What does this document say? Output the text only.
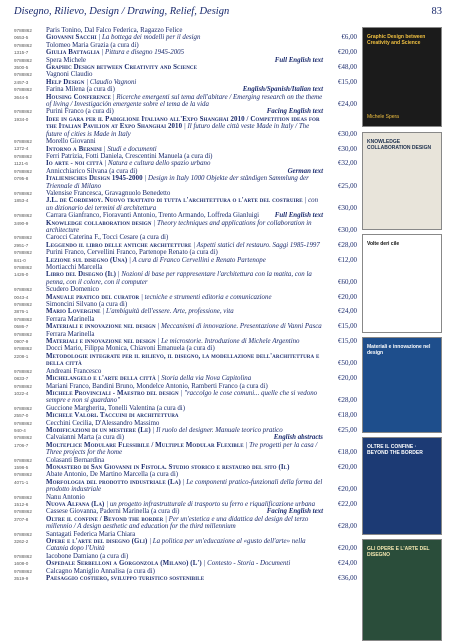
Disegno, Rilievo, Design / Drawing, Relief, Design	83
9788862
0653-5
Paris Tonino, Dal Falco Federica, Ragazzo Felice
Giovanni Sacchi | La bottega dei modelli per il design	€6,00
9788862
1315-7
Tolomeo Maria Grazia (a cura di)
Giulia Battaglia | Pittura e disegno 1945-2005	€20,00
9788862
3500-5
Spera Michele	Full English text
Graphic Design between Creativity and Science	€48,00
9788862
2457-3
Vagnoni Claudio
Help Design | Claudio Vagnoni	€15,00
9788862
3644-5
Farina Milena (a cura di)	English/Spanish/Italian text
Housing Conference | Ricerche emergenti sul tema dell'abitare / Emerging research on the theme of living / Investigación emergente sobre el tema de la vida	€24,00
9788862
1934-0
Purini Franco (a cura di)	Facing English text
Idee in gara per il Padiglione Italiano all'Expo Shanghai 2010 / Competition ideas for the Italian Pavilion at Expo Shanghai 2010 | Il futuro delle città veste Made in Italy / The future of cities is Made in Italy	€30,00
9788862
1372-4
Morello Giovanni
Intorno a Bernini | Studi e documenti	€30,00
9788862
1121-6
Ferri Patrizia, Fotti Daniela, Crescentini Manuela (a cura di)
Io arte - noi città | Natura e cultura dello spazio urbano	€32,00
9788862
0795-8
Annicchiarico Silvana (a cura di)	German text
Italienisches Design 1945-2000 | Design in Italy 1000 Objekte der ständigen Sammlung der Triennale di Milano	€25,00
9788862
1853-4
Valensise Francesca, Gravagnuolo Benedetto
J.L. de Cordemoy. Nuovo trattato di tutta l'architettura o l'arte del costruire | con un dizionario dei termini di architettura	€30,00
9788862
3490-9
Carrara Gianfranco, Fioravanti Antonio, Trento Armando, Loffreda Gianluigi Full English text
Knowledge collaboration design | Theory techniques and applications for collaboration in architecture	€30,00
9788862
2951-7
Carocci Caterina F., Tocci Cesare (a cura di)
Leggendo il libro delle antiche architetture | Aspetti statici del restauro. Saggi 1985-1997	€28,00
9788862
841-0
Purini Franco, Cervellini Franco, Partenope Renato (a cura di)
Lezione sul disegno (Una) | A cura di Franco Cervellini e Renato Partenope	€12,00
9788862
1426-0
Mortiacchi Marcella
Libro del Disegno (Il) | Nozioni di base per rappresentare l'architettura con la matita, con la penna, con il colore, con il computer	€60,00
9788862
0043-4
Scudero Domenico
Manuale pratico del curator | tecniche e strumenti editoria e comunicazione	€20,00
9788862
3876-1
Simoncini Silvano (a cura di)
Mario Lovergine | L'ambiguità dell'essere. Arte, professione, vita	€24,00
9788862
0586-7
Ferrara Marinella
Materiali e innovazione nel design | Meccanismi di innovazione. Presentazione di Vanni Pasca €15,00
9788862
0907-9
Ferrara Marinella
Materiali e innovazione nel design | Le microstorie. Introduzione di Michele Argentino	€15,00
9788862
2208-1
Docci Mario, Filippa Monica, Chiavoni Emanuela (a cura di)
Metodologie integrate per il rilievo, il disegno, la modellazione dell'architettura e della città	€50,00
9788862
0833-7
Andreani Francesco
Michelangelo e l'arte della città | Storia della via Nova Capitolina	€20,00
9788862
1022-4
Mariani Franco, Bandini Bruno, Mondelce Antonio, Ramberti Franco (a cura di)
Michele Provinciali - Maestro del design | "raccolgo le cose comuni... quelle che si vedono sempre e non si guardano"	€28,00
9788862
2557-0
Guccione Margherita, Tonelli Valentina (a cura di)
Michele Valori. Taccuini di architettura	€18,00
9788862
940-4
Cecchini Cecilia, D'Alessandro Massimo
Modificazioni di un mestiere (Le) | Il ruolo del designer. Manuale teorico pratico	€25,00
9788862
1706-7
Calvaianni Marta (a cura di)	English abstracts
Molteplice Modulare Flessibile / Multiple Modular Flexible | Tre progetti per la casa / Three projects for the home	€18,00
9788862
1598-5
Colasanti Bernardina
Monastero di San Giovanni in Fistola. Studio storico e restauro del sito (Il)	€20,00
9788862
4071-1
Abate Antonio, De Martino Marcella (a cura di)
Morfologia del prodotto industriale (La) | Le componenti pratico-funzionali della forma del prodotto industriale	€20,00
9788862
1512-6
Nanu Antonio
Nuova Alfana (La) | un progetto infrastrutturale di trasporto su ferro e riqualificazione urbana	€22,00
9788862
3707-8
Cassese Giovanna, Paderni Marinella (a cura di)	Facing English text
Oltre il confine / Beyond the border | Per un'estetica e una didattica del design del terzo millennio / A design aesthetic and education for the third millennium	€28,00
9788862
3262-2
Santagati Federica Maria Chiara
Opere e l'arte del disegno (Gli) | La politica per un'educazione al «gusto dell'arte» nella Catania dopo l'Unità	€20,00
9788862
1608-0
Iacobone Damiano (a cura di)
Ospedale Serbelloni a Gorgonzola (Milano) (L') | Contesto - Storia - Documenti	€24,00
9788862
3519-9
Calcagno Maniglio Annalisa (a cura di)
Paesaggio costiero, sviluppo turistico sostenibile	€36,00
Graphic Design between Creativity and Science
Michele Spera
KNOWLEDGE COLLABORATION DESIGN
Volte deri cile
Materiali e innovazione nel design
OLTRE IL CONFINE · BEYOND THE BORDER
GLI OPERE E L'ARTE DEL DISEGNO
